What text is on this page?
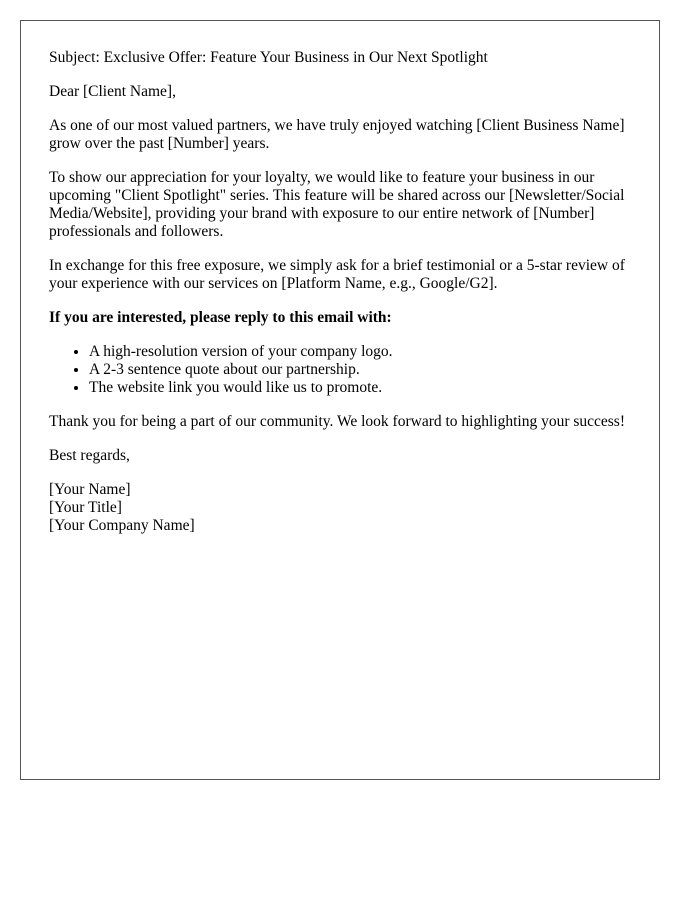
Subject: Exclusive Offer: Feature Your Business in Our Next Spotlight

Dear [Client Name],

As one of our most valued partners, we have truly enjoyed watching [Client Business Name] grow over the past [Number] years.

To show our appreciation for your loyalty, we would like to feature your business in our upcoming "Client Spotlight" series. This feature will be shared across our [Newsletter/Social Media/Website], providing your brand with exposure to our entire network of [Number] professionals and followers.

In exchange for this free exposure, we simply ask for a brief testimonial or a 5-star review of your experience with our services on [Platform Name, e.g., Google/G2].

If you are interested, please reply to this email with:

• A high-resolution version of your company logo.
• A 2-3 sentence quote about our partnership.
• The website link you would like us to promote.

Thank you for being a part of our community. We look forward to highlighting your success!

Best regards,

[Your Name]
[Your Title]
[Your Company Name]
